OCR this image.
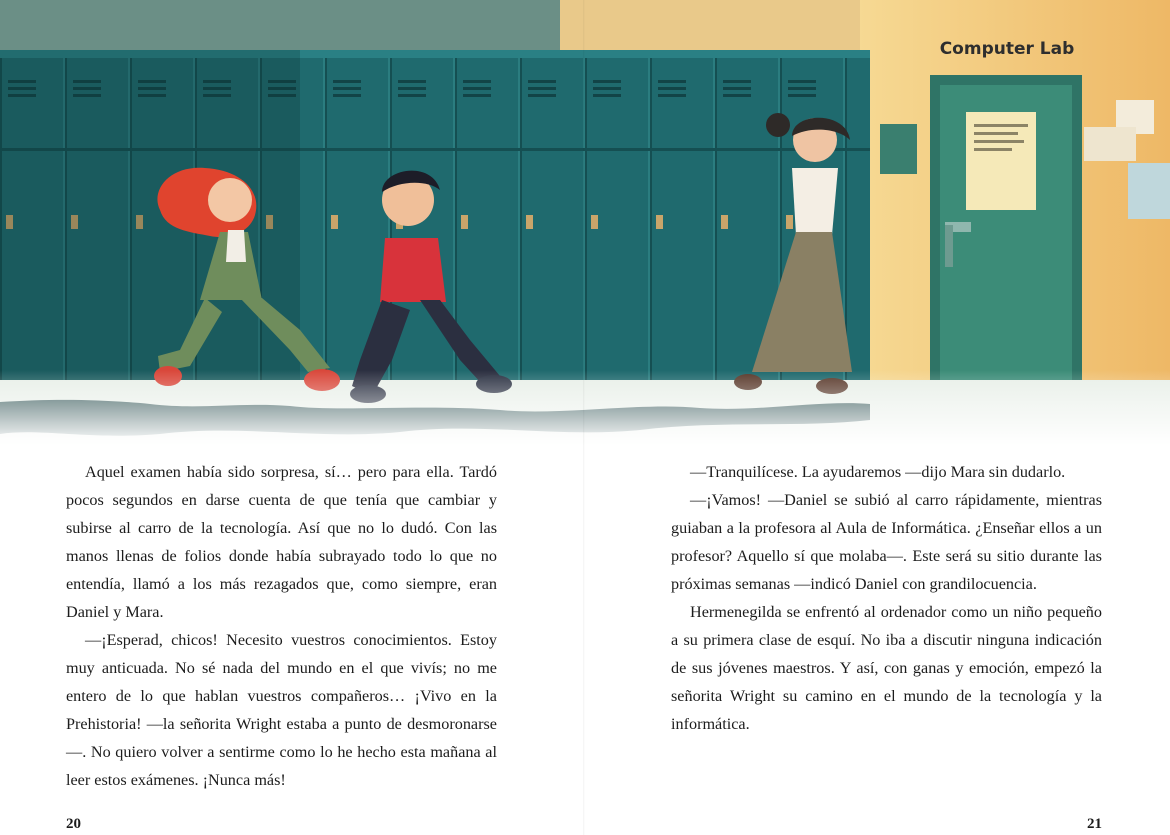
Computer Lab

Aquel examen había sido sorpresa, sí… pero para ella. Tardó pocos segundos en darse cuenta de que tenía que cambiar y subirse al carro de la tecnología. Así que no lo dudó. Con las manos llenas de folios donde había subrayado todo lo que no entendía, llamó a los más rezagados que, como siempre, eran Daniel y Mara.

—¡Esperad, chicos! Necesito vuestros conocimientos. Estoy muy anticuada. No sé nada del mundo en el que vivís; no me entero de lo que hablan vuestros compañeros… ¡Vivo en la Prehistoria! —la señorita Wright estaba a punto de desmoronarse—. No quiero volver a sentirme como lo he hecho esta mañana al leer estos exámenes. ¡Nunca más!

—Tranquilícese. La ayudaremos —dijo Mara sin dudarlo.

—¡Vamos! —Daniel se subió al carro rápidamente, mientras guiaban a la profesora al Aula de Informática. ¿Enseñar ellos a un profesor? Aquello sí que molaba—. Este será su sitio durante las próximas semanas —indicó Daniel con grandilocuencia.

Hermenegilda se enfrentó al ordenador como un niño pequeño a su primera clase de esquí. No iba a discutir ninguna indicación de sus jóvenes maestros. Y así, con ganas y emoción, empezó la señorita Wright su camino en el mundo de la tecnología y la informática.

20	21
